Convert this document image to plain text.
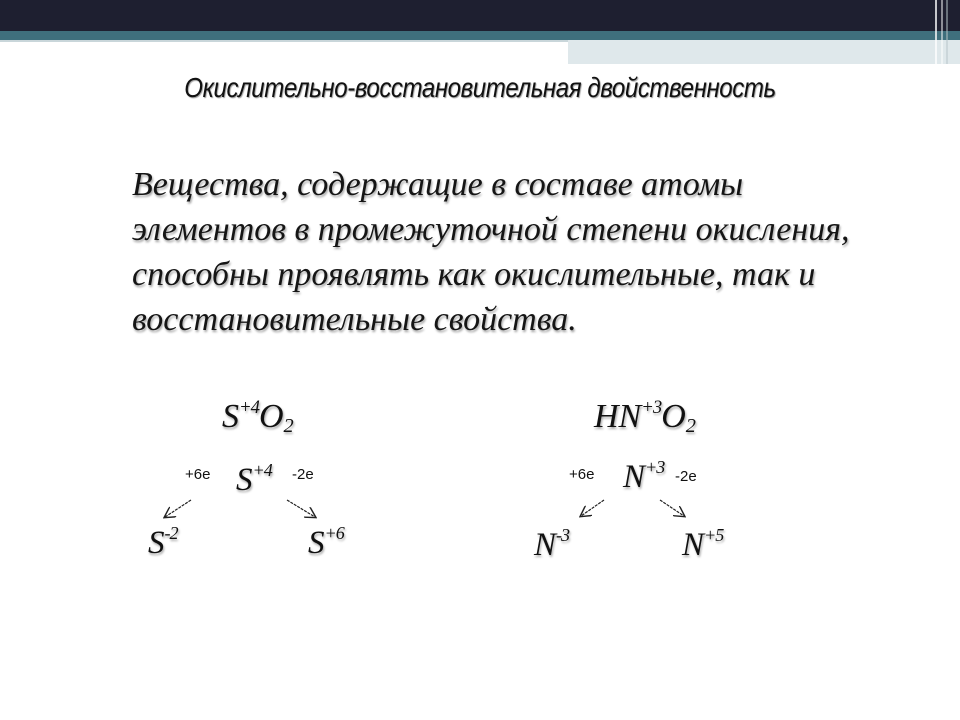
Окислительно-восстановительная двойственность
Вещества, содержащие в составе атомы элементов в промежуточной степени окисления, способны проявлять как окислительные, так и восстановительные свойства.
$S^{+4}O_2$
+6e $S^{+4}$ -2e
$S^{-2}$	$S^{+6}$
$HN^{+3}O_2$
+6e $N^{+3}$ -2e
$N^{-3}$	$N^{+5}$
